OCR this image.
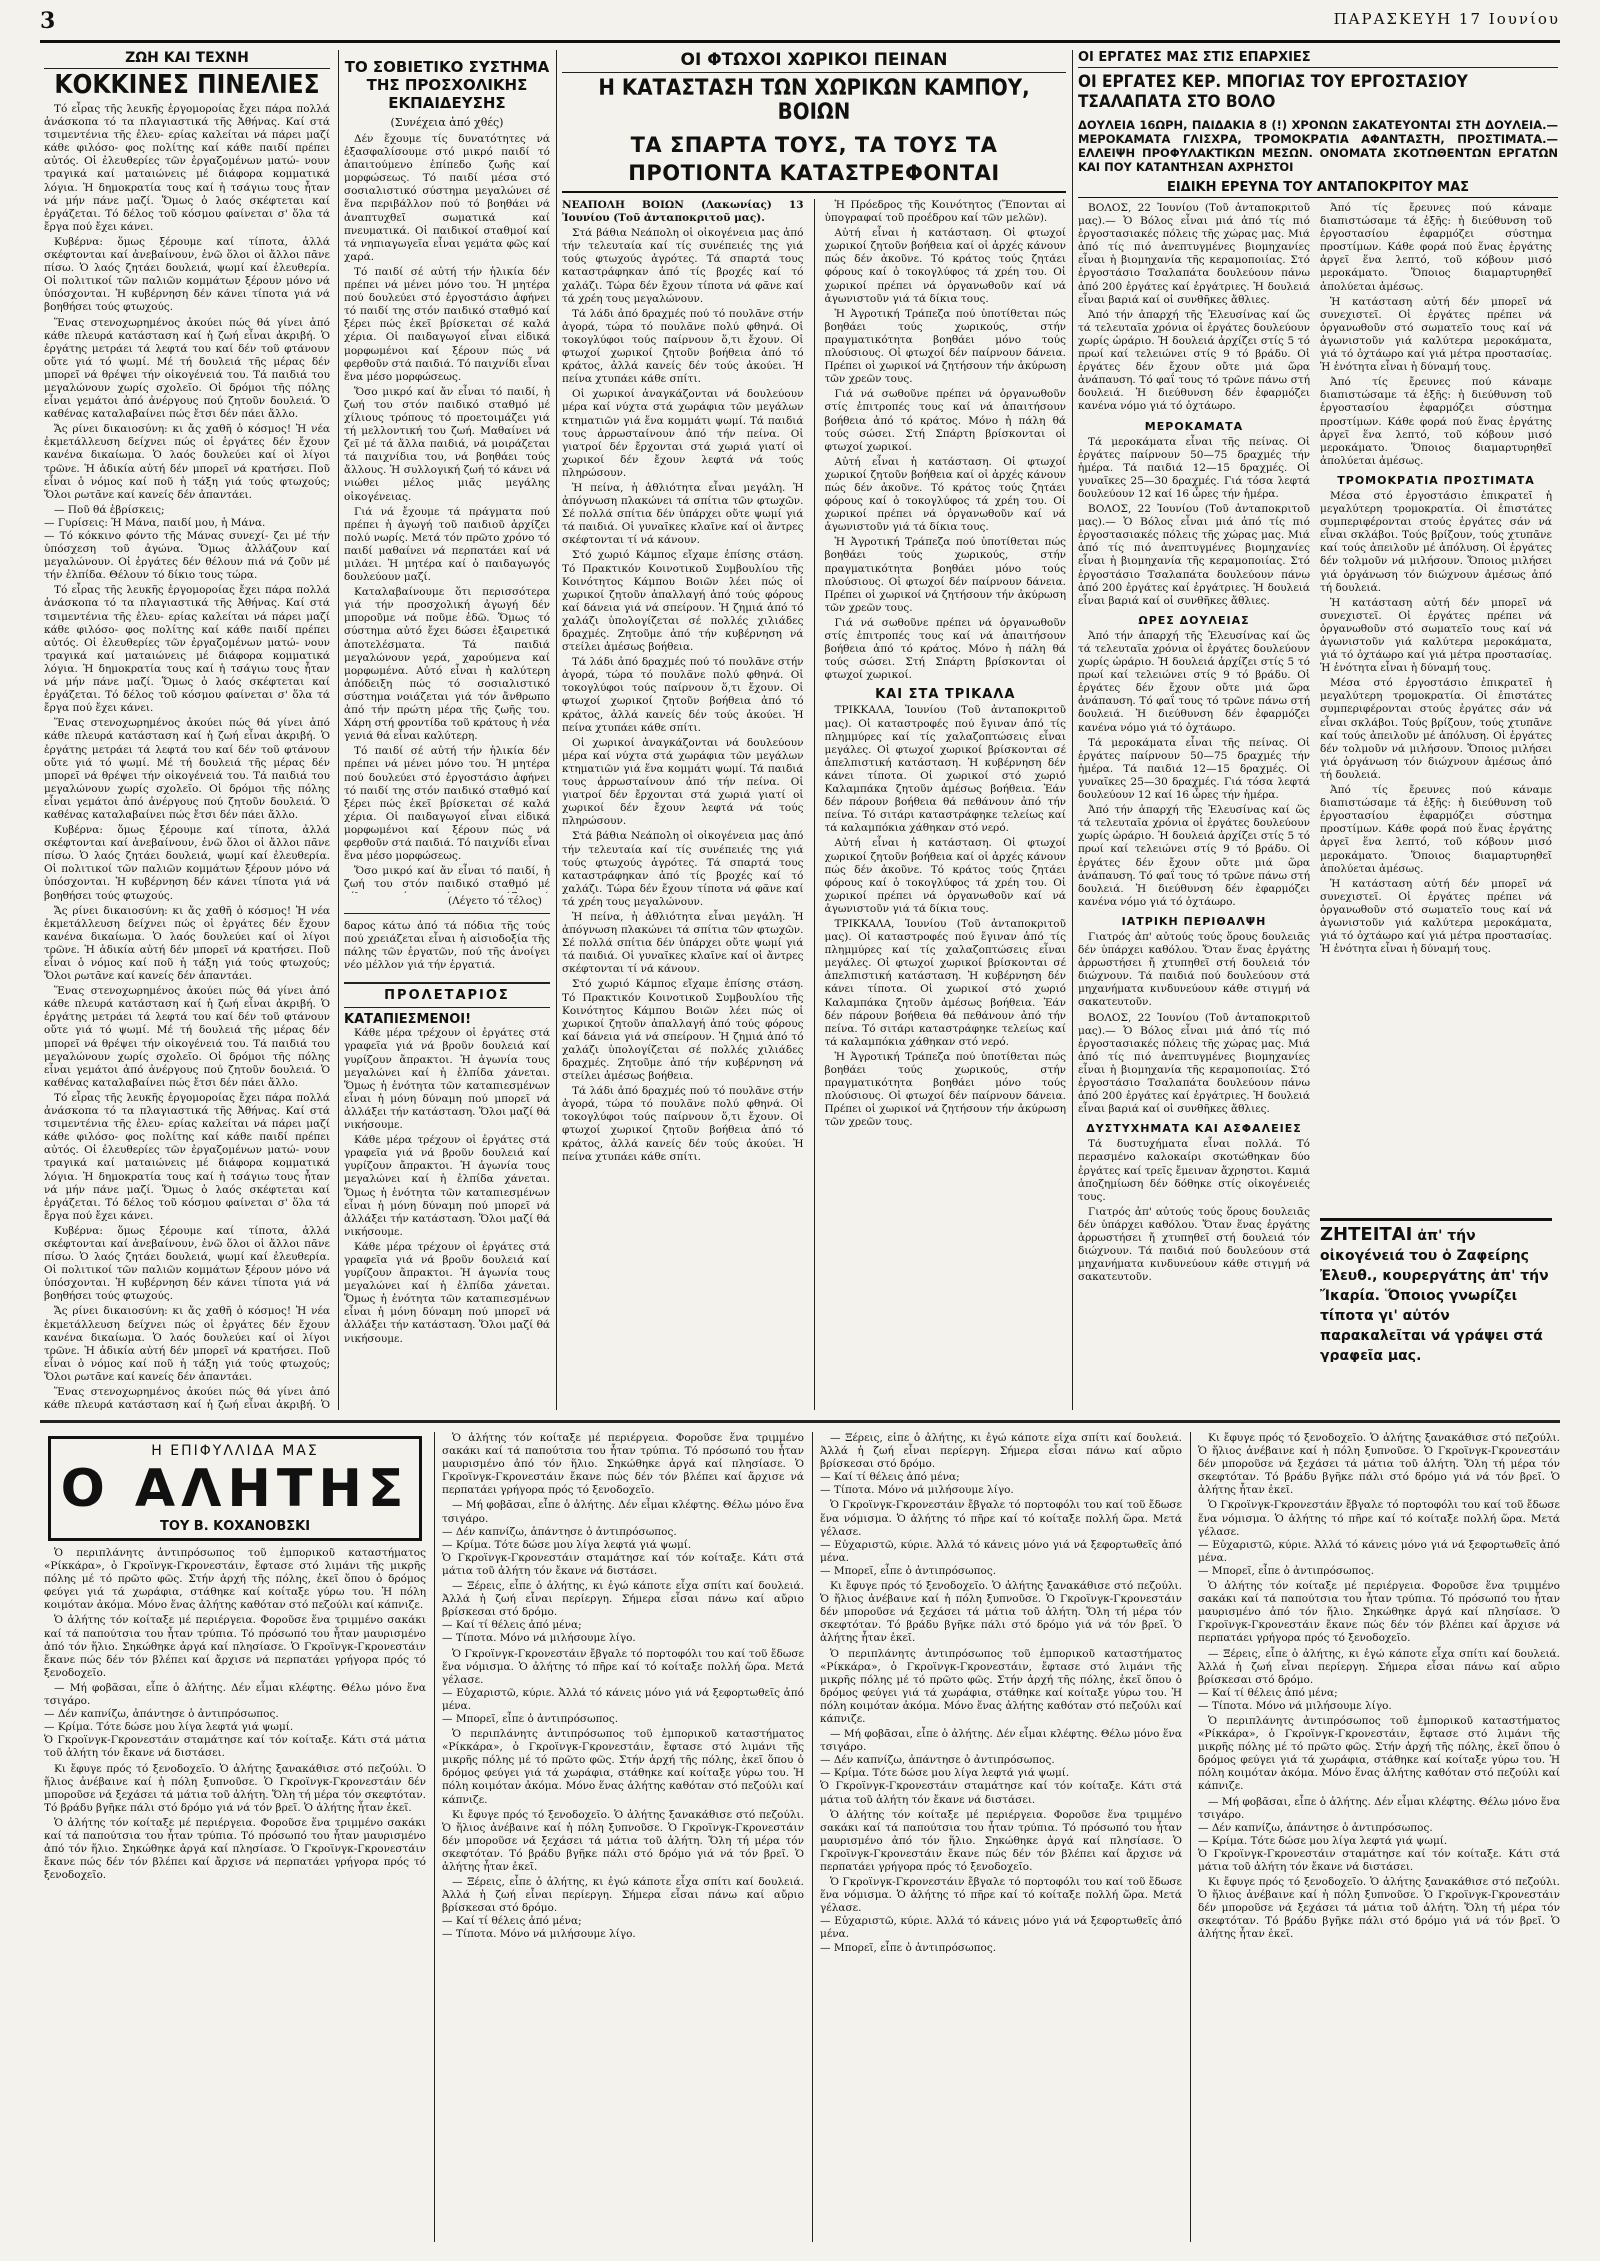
3	ΠΑΡΑΣΚΕΥΗ 17 Ιουνίου
ΖΩΗ ΚΑΙ ΤΕΧΝΗ
ΚΟΚΚΙΝΕΣ ΠΙΝΕΛΙΕΣ

Τό εἶρας τῆς λευκῆς ἐργομοροίας ἔχει πάρα πολλά ἀνάσκοπα τό τα πλαγιαστικά τῆς Ἀθήνας. Καί στά τσιμεντένια τῆς ἐλευ- ερίας καλείται νά πάρει μαζί κάθε φιλόσο- φος πολίτης καί κάθε παιδί πρέπει αὐτός. Οἱ ἐλευθερίες τῶν ἐργαζομένων ματώ- νουν τραγικά καί ματαιώνεις μέ διάφορα κομματικά λόγια. Ἡ δημοκρατία τους καί ἡ τσάγιω τους ἦταν νά μήν πάνε μαζί. Ὅμως ὁ λαός σκέφτεται καί ἐργάζεται. Τό δέλος τοῦ κόσμου φαίνεται σ' ὅλα τά ἔργα πού ἔχει κάνει.

Κυβέρνα: ὅμως ξέρουμε καί τίποτα, ἀλλά σκέφτονται καί ἀνεβαίνουν, ἐνῶ ὅλοι οἱ ἄλλοι πᾶνε πίσω. Ὁ λαός ζητάει δουλειά, ψωμί καί ἐλευθερία. Οἱ πολιτικοί τῶν παλιῶν κομμάτων ξέρουν μόνο νά ὑπόσχονται. Ἡ κυβέρνηση δέν κάνει τίποτα γιά νά βοηθήσει τούς φτωχούς.

Ἕνας στενοχωρημένος ἀκούει πώς θά γίνει ἀπό κάθε πλευρά κατάσταση καί ἡ ζωή εἶναι ἀκριβή. Ὁ ἐργάτης μετράει τά λεφτά του καί δέν τοῦ φτάνουν οὔτε γιά τό ψωμί. Μέ τή δουλειά τῆς μέρας δέν μπορεῖ νά θρέψει τήν οἰκογένειά του. Τά παιδιά του μεγαλώνουν χωρίς σχολεῖο. Οἱ δρόμοι τῆς πόλης εἶναι γεμάτοι ἀπό ἀνέργους πού ζητοῦν δουλειά. Ὁ καθένας καταλαβαίνει πώς ἔτσι δέν πάει ἄλλο.

Ἄς ρίνει δικαιοσύνη: κι ἄς χαθῆ ὁ κόσμος! Ἡ νέα ἐκμετάλλευση δείχνει πώς οἱ ἐργάτες δέν ἔχουν κανένα δικαίωμα. Ὁ λαός δουλεύει καί οἱ λίγοι τρῶνε. Ἡ ἀδικία αὐτή δέν μπορεῖ νά κρατήσει. Ποῦ εἶναι ὁ νόμος καί ποῦ ἡ τάξη γιά τούς φτωχούς; Ὅλοι ρωτᾶνε καί κανείς δέν ἀπαντάει.

— Ποῦ θά ἐβρίσκεις;
— Γυρίσεις: Ἡ Μάνα, παιδί μου, ἡ Μάνα.
— Τό κόκκινο φόντο τῆς Μάνας συνεχί- ζει μέ τήν ὑπόσχεση τοῦ ἀγώνα. Ὅμως ἀλλάζουν καί μεγαλώνουν. Οἱ ἐργάτες δέν θέλουν πιά νά ζοῦν μέ τήν ἐλπίδα. Θέλουν τό δίκιο τους τώρα.

Τό εἶρας τῆς λευκῆς ἐργομοροίας ἔχει πάρα πολλά ἀνάσκοπα τό τα πλαγιαστικά τῆς Ἀθήνας. Καί στά τσιμεντένια τῆς ἐλευ- ερίας καλείται νά πάρει μαζί κάθε φιλόσο- φος πολίτης καί κάθε παιδί πρέπει αὐτός. Οἱ ἐλευθερίες τῶν ἐργαζομένων ματώ- νουν τραγικά καί ματαιώνεις μέ διάφορα κομματικά λόγια. Ἡ δημοκρατία τους καί ἡ τσάγιω τους ἦταν νά μήν πάνε μαζί. Ὅμως ὁ λαός σκέφτεται καί ἐργάζεται. Τό δέλος τοῦ κόσμου φαίνεται σ' ὅλα τά ἔργα πού ἔχει κάνει.

Ἕνας στενοχωρημένος ἀκούει πώς θά γίνει ἀπό κάθε πλευρά κατάσταση καί ἡ ζωή εἶναι ἀκριβή. Ὁ ἐργάτης μετράει τά λεφτά του καί δέν τοῦ φτάνουν οὔτε γιά τό ψωμί. Μέ τή δουλειά τῆς μέρας δέν μπορεῖ νά θρέψει τήν οἰκογένειά του. Τά παιδιά του μεγαλώνουν χωρίς σχολεῖο. Οἱ δρόμοι τῆς πόλης εἶναι γεμάτοι ἀπό ἀνέργους πού ζητοῦν δουλειά. Ὁ καθένας καταλαβαίνει πώς ἔτσι δέν πάει ἄλλο.

Κυβέρνα: ὅμως ξέρουμε καί τίποτα, ἀλλά σκέφτονται καί ἀνεβαίνουν, ἐνῶ ὅλοι οἱ ἄλλοι πᾶνε πίσω. Ὁ λαός ζητάει δουλειά, ψωμί καί ἐλευθερία. Οἱ πολιτικοί τῶν παλιῶν κομμάτων ξέρουν μόνο νά ὑπόσχονται. Ἡ κυβέρνηση δέν κάνει τίποτα γιά νά βοηθήσει τούς φτωχούς.

Ἄς ρίνει δικαιοσύνη: κι ἄς χαθῆ ὁ κόσμος! Ἡ νέα ἐκμετάλλευση δείχνει πώς οἱ ἐργάτες δέν ἔχουν κανένα δικαίωμα. Ὁ λαός δουλεύει καί οἱ λίγοι τρῶνε. Ἡ ἀδικία αὐτή δέν μπορεῖ νά κρατήσει. Ποῦ εἶναι ὁ νόμος καί ποῦ ἡ τάξη γιά τούς φτωχούς; Ὅλοι ρωτᾶνε καί κανείς δέν ἀπαντάει.

Ἕνας στενοχωρημένος ἀκούει πώς θά γίνει ἀπό κάθε πλευρά κατάσταση καί ἡ ζωή εἶναι ἀκριβή. Ὁ ἐργάτης μετράει τά λεφτά του καί δέν τοῦ φτάνουν οὔτε γιά τό ψωμί. Μέ τή δουλειά τῆς μέρας δέν μπορεῖ νά θρέψει τήν οἰκογένειά του. Τά παιδιά του μεγαλώνουν χωρίς σχολεῖο. Οἱ δρόμοι τῆς πόλης εἶναι γεμάτοι ἀπό ἀνέργους πού ζητοῦν δουλειά. Ὁ καθένας καταλαβαίνει πώς ἔτσι δέν πάει ἄλλο.

Τό εἶρας τῆς λευκῆς ἐργομοροίας ἔχει πάρα πολλά ἀνάσκοπα τό τα πλαγιαστικά τῆς Ἀθήνας. Καί στά τσιμεντένια τῆς ἐλευ- ερίας καλείται νά πάρει μαζί κάθε φιλόσο- φος πολίτης καί κάθε παιδί πρέπει αὐτός. Οἱ ἐλευθερίες τῶν ἐργαζομένων ματώ- νουν τραγικά καί ματαιώνεις μέ διάφορα κομματικά λόγια. Ἡ δημοκρατία τους καί ἡ τσάγιω τους ἦταν νά μήν πάνε μαζί. Ὅμως ὁ λαός σκέφτεται καί ἐργάζεται. Τό δέλος τοῦ κόσμου φαίνεται σ' ὅλα τά ἔργα πού ἔχει κάνει.

Κυβέρνα: ὅμως ξέρουμε καί τίποτα, ἀλλά σκέφτονται καί ἀνεβαίνουν, ἐνῶ ὅλοι οἱ ἄλλοι πᾶνε πίσω. Ὁ λαός ζητάει δουλειά, ψωμί καί ἐλευθερία. Οἱ πολιτικοί τῶν παλιῶν κομμάτων ξέρουν μόνο νά ὑπόσχονται. Ἡ κυβέρνηση δέν κάνει τίποτα γιά νά βοηθήσει τούς φτωχούς.

Ἄς ρίνει δικαιοσύνη: κι ἄς χαθῆ ὁ κόσμος! Ἡ νέα ἐκμετάλλευση δείχνει πώς οἱ ἐργάτες δέν ἔχουν κανένα δικαίωμα. Ὁ λαός δουλεύει καί οἱ λίγοι τρῶνε. Ἡ ἀδικία αὐτή δέν μπορεῖ νά κρατήσει. Ποῦ εἶναι ὁ νόμος καί ποῦ ἡ τάξη γιά τούς φτωχούς; Ὅλοι ρωτᾶνε καί κανείς δέν ἀπαντάει.

Ἕνας στενοχωρημένος ἀκούει πώς θά γίνει ἀπό κάθε πλευρά κατάσταση καί ἡ ζωή εἶναι ἀκριβή. Ὁ

ΤΟ ΣΟΒΙΕΤΙΚΟ ΣΥΣΤΗΜΑ ΤΗΣ ΠΡΟΣΧΟΛΙΚΗΣ ΕΚΠΑΙΔΕΥΣΗΣ
(Συνέχεια ἀπό χθές)

Δέν ἔχουμε τίς δυνατότητες νά ἐξασφαλίσουμε στό μικρό παιδί τό ἀπαιτούμενο ἐπίπεδο ζωῆς καί μορφώσεως. Τό παιδί μέσα στό σοσιαλιστικό σύστημα μεγαλώνει σέ ἕνα περιβάλλον πού τό βοηθάει νά ἀναπτυχθεῖ σωματικά καί πνευματικά. Οἱ παιδικοί σταθμοί καί τά νηπιαγωγεῖα εἶναι γεμάτα φῶς καί χαρά.

Τό παιδί σέ αὐτή τήν ἡλικία δέν πρέπει νά μένει μόνο του. Ἡ μητέρα πού δουλεύει στό ἐργοστάσιο ἀφήνει τό παιδί της στόν παιδικό σταθμό καί ξέρει πώς ἐκεῖ βρίσκεται σέ καλά χέρια. Οἱ παιδαγωγοί εἶναι εἰδικά μορφωμένοι καί ξέρουν πώς νά φερθοῦν στά παιδιά. Τό παιχνίδι εἶναι ἕνα μέσο μορφώσεως.

Ὅσο μικρό καί ἄν εἶναι τό παιδί, ἡ ζωή του στόν παιδικό σταθμό μέ χίλιους τρόπους τό προετοιμάζει γιά τή μελλοντική του ζωή. Μαθαίνει νά ζεῖ μέ τά ἄλλα παιδιά, νά μοιράζεται τά παιχνίδια του, νά βοηθάει τούς ἄλλους. Ἡ συλλογική ζωή τό κάνει νά νιώθει μέλος μιᾶς μεγάλης οἰκογένειας.

Γιά νά ἔχουμε τά πράγματα πού πρέπει ἡ ἀγωγή τοῦ παιδιοῦ ἀρχίζει πολύ νωρίς. Μετά τόν πρῶτο χρόνο τό παιδί μαθαίνει νά περπατάει καί νά μιλάει. Ἡ μητέρα καί ὁ παιδαγωγός δουλεύουν μαζί.

Καταλαβαίνουμε ὅτι περισσότερα γιά τήν προσχολική ἀγωγή δέν μποροῦμε νά ποῦμε ἐδῶ. Ὅμως τό σύστημα αὐτό ἔχει δώσει ἐξαιρετικά ἀποτελέσματα. Τά παιδιά μεγαλώνουν γερά, χαρούμενα καί μορφωμένα. Αὐτό εἶναι ἡ καλύτερη ἀπόδειξη πώς τό σοσιαλιστικό σύστημα νοιάζεται γιά τόν ἄνθρωπο ἀπό τήν πρώτη μέρα τῆς ζωῆς του. Χάρη στή φροντίδα τοῦ κράτους ἡ νέα γενιά θά εἶναι καλύτερη.

Τό παιδί σέ αὐτή τήν ἡλικία δέν πρέπει νά μένει μόνο του. Ἡ μητέρα πού δουλεύει στό ἐργοστάσιο ἀφήνει τό παιδί της στόν παιδικό σταθμό καί ξέρει πώς ἐκεῖ βρίσκεται σέ καλά χέρια. Οἱ παιδαγωγοί εἶναι εἰδικά μορφωμένοι καί ξέρουν πώς νά φερθοῦν στά παιδιά. Τό παιχνίδι εἶναι ἕνα μέσο μορφώσεως.

Ὅσο μικρό καί ἄν εἶναι τό παιδί, ἡ ζωή του στόν παιδικό σταθμό μέ

(Λέγετο τό τέλος)
δαρος κάτω ἀπό τά πόδια τῆς τούς πού χρειάζεται εἶναι ἡ αἰσιοδοξία τῆς πάλης τῶν ἐργατῶν, πού τῆς ἀνοίγει νέο μέλλον γιά τήν ἐργατιά.
ΠΡΟΛΕΤΑΡΙΟΣ
ΚΑΤΑΠΙΕΣΜΕΝΟΙ!

Κάθε μέρα τρέχουν οἱ ἐργάτες στά γραφεῖα γιά νά βροῦν δουλειά καί γυρίζουν ἄπρακτοι. Ἡ ἀγωνία τους μεγαλώνει καί ἡ ἐλπίδα χάνεται. Ὅμως ἡ ἑνότητα τῶν καταπιεσμένων εἶναι ἡ μόνη δύναμη πού μπορεῖ νά ἀλλάξει τήν κατάσταση. Ὅλοι μαζί θά νικήσουμε.

Κάθε μέρα τρέχουν οἱ ἐργάτες στά γραφεῖα γιά νά βροῦν δουλειά καί γυρίζουν ἄπρακτοι. Ἡ ἀγωνία τους μεγαλώνει καί ἡ ἐλπίδα χάνεται. Ὅμως ἡ ἑνότητα τῶν καταπιεσμένων εἶναι ἡ μόνη δύναμη πού μπορεῖ νά ἀλλάξει τήν κατάσταση. Ὅλοι μαζί θά νικήσουμε.

Κάθε μέρα τρέχουν οἱ ἐργάτες στά γραφεῖα γιά νά βροῦν δουλειά καί γυρίζουν ἄπρακτοι. Ἡ ἀγωνία τους μεγαλώνει καί ἡ ἐλπίδα χάνεται. Ὅμως ἡ ἑνότητα τῶν καταπιεσμένων εἶναι ἡ μόνη δύναμη πού μπορεῖ νά ἀλλάξει τήν κατάσταση. Ὅλοι μαζί θά νικήσουμε.

ΟΙ ΦΤΩΧΟΙ ΧΩΡΙΚΟΙ ΠΕΙΝΑΝ
Η ΚΑΤΑΣΤΑΣΗ ΤΩΝ ΧΩΡΙΚΩΝ ΚΑΜΠΟΥ, ΒΟΙΩΝ
ΤΑ ΣΠΑΡΤΑ ΤΟΥΣ, ΤΑ ΤΟΥΣ ΤΑ ΠΡΟΤΙΟΝΤΑ ΚΑΤΑΣΤΡΕΦΟΝΤΑΙ

ΝΕΑΠΟΛΗ ΒΟΙΩΝ (Λακωνίας) 13 Ἰουνίου (Τοῦ ἀνταποκριτοῦ μας).

Στά βάθια Νεάπολη οἱ οἰκογένεια μας ἀπό τήν τελευταία καί τίς συνέπειές της γιά τούς φτωχούς ἀγρότες. Τά σπαρτά τους καταστράφηκαν ἀπό τίς βροχές καί τό χαλάζι. Τώρα δέν ἔχουν τίποτα νά φᾶνε καί τά χρέη τους μεγαλώνουν.

Τά λάδι ἀπό δραχμές πού τό πουλᾶνε στήν ἀγορά, τώρα τό πουλᾶνε πολύ φθηνά. Οἱ τοκογλύφοι τούς παίρνουν ὅ,τι ἔχουν. Οἱ φτωχοί χωρικοί ζητοῦν βοήθεια ἀπό τό κράτος, ἀλλά κανείς δέν τούς ἀκούει. Ἡ πείνα χτυπάει κάθε σπίτι.

Οἱ χωρικοί ἀναγκάζονται νά δουλεύουν μέρα καί νύχτα στά χωράφια τῶν μεγάλων κτηματιῶν γιά ἕνα κομμάτι ψωμί. Τά παιδιά τους ἀρρωσταίνουν ἀπό τήν πείνα. Οἱ γιατροί δέν ἔρχονται στά χωριά γιατί οἱ χωρικοί δέν ἔχουν λεφτά νά τούς πληρώσουν.

Ἡ πείνα, ἡ ἀθλιότητα εἶναι μεγάλη. Ἡ ἀπόγνωση πλακώνει τά σπίτια τῶν φτωχῶν. Σέ πολλά σπίτια δέν ὑπάρχει οὔτε ψωμί γιά τά παιδιά. Οἱ γυναῖκες κλαῖνε καί οἱ ἄντρες σκέφτονται τί νά κάνουν.

Στό χωριό Κάμπος εἴχαμε ἐπίσης στάση. Τό Πρακτικόν Κοινοτικοῦ Συμβουλίου τῆς Κοινότητος Κάμπου Βοιῶν λέει πώς οἱ χωρικοί ζητοῦν ἀπαλλαγή ἀπό τούς φόρους καί δάνεια γιά νά σπείρουν. Ἡ ζημιά ἀπό τό χαλάζι ὑπολογίζεται σέ πολλές χιλιάδες δραχμές. Ζητοῦμε ἀπό τήν κυβέρνηση νά στείλει ἀμέσως βοήθεια.

Τά λάδι ἀπό δραχμές πού τό πουλᾶνε στήν ἀγορά, τώρα τό πουλᾶνε πολύ φθηνά. Οἱ τοκογλύφοι τούς παίρνουν ὅ,τι ἔχουν. Οἱ φτωχοί χωρικοί ζητοῦν βοήθεια ἀπό τό κράτος, ἀλλά κανείς δέν τούς ἀκούει. Ἡ πείνα χτυπάει κάθε σπίτι.

Οἱ χωρικοί ἀναγκάζονται νά δουλεύουν μέρα καί νύχτα στά χωράφια τῶν μεγάλων κτηματιῶν γιά ἕνα κομμάτι ψωμί. Τά παιδιά τους ἀρρωσταίνουν ἀπό τήν πείνα. Οἱ γιατροί δέν ἔρχονται στά χωριά γιατί οἱ χωρικοί δέν ἔχουν λεφτά νά τούς πληρώσουν.

Στά βάθια Νεάπολη οἱ οἰκογένεια μας ἀπό τήν τελευταία καί τίς συνέπειές της γιά τούς φτωχούς ἀγρότες. Τά σπαρτά τους καταστράφηκαν ἀπό τίς βροχές καί τό χαλάζι. Τώρα δέν ἔχουν τίποτα νά φᾶνε καί τά χρέη τους μεγαλώνουν.

Ἡ πείνα, ἡ ἀθλιότητα εἶναι μεγάλη. Ἡ ἀπόγνωση πλακώνει τά σπίτια τῶν φτωχῶν. Σέ πολλά σπίτια δέν ὑπάρχει οὔτε ψωμί γιά τά παιδιά. Οἱ γυναῖκες κλαῖνε καί οἱ ἄντρες σκέφτονται τί νά κάνουν.

Στό χωριό Κάμπος εἴχαμε ἐπίσης στάση. Τό Πρακτικόν Κοινοτικοῦ Συμβουλίου τῆς Κοινότητος Κάμπου Βοιῶν λέει πώς οἱ χωρικοί ζητοῦν ἀπαλλαγή ἀπό τούς φόρους καί δάνεια γιά νά σπείρουν. Ἡ ζημιά ἀπό τό χαλάζι ὑπολογίζεται σέ πολλές χιλιάδες δραχμές. Ζητοῦμε ἀπό τήν κυβέρνηση νά στείλει ἀμέσως βοήθεια.

Τά λάδι ἀπό δραχμές πού τό πουλᾶνε στήν ἀγορά, τώρα τό πουλᾶνε πολύ φθηνά. Οἱ τοκογλύφοι τούς παίρνουν ὅ,τι ἔχουν. Οἱ φτωχοί χωρικοί ζητοῦν βοήθεια ἀπό τό κράτος, ἀλλά κανείς δέν τούς ἀκούει. Ἡ πείνα χτυπάει κάθε σπίτι.

Ἡ Πρόεδρος τῆς Κοινότητος (Ἔπονται αἱ ὑπογραφαί τοῦ προέδρου καί τῶν μελῶν).

Αὐτή εἶναι ἡ κατάσταση. Οἱ φτωχοί χωρικοί ζητοῦν βοήθεια καί οἱ ἀρχές κάνουν πώς δέν ἀκοῦνε. Τό κράτος τούς ζητάει φόρους καί ὁ τοκογλύφος τά χρέη του. Οἱ χωρικοί πρέπει νά ὀργανωθοῦν καί νά ἀγωνιστοῦν γιά τά δίκια τους.

Ἡ Ἀγροτική Τράπεζα πού ὑποτίθεται πώς βοηθάει τούς χωρικούς, στήν πραγματικότητα βοηθάει μόνο τούς πλούσιους. Οἱ φτωχοί δέν παίρνουν δάνεια. Πρέπει οἱ χωρικοί νά ζητήσουν τήν ἀκύρωση τῶν χρεῶν τους.

Γιά νά σωθοῦνε πρέπει νά ὀργανωθοῦν στίς ἐπιτροπές τους καί νά ἀπαιτήσουν βοήθεια ἀπό τό κράτος. Μόνο ἡ πάλη θά τούς σώσει. Στή Σπάρτη βρίσκονται οἱ φτωχοί χωρικοί.

Αὐτή εἶναι ἡ κατάσταση. Οἱ φτωχοί χωρικοί ζητοῦν βοήθεια καί οἱ ἀρχές κάνουν πώς δέν ἀκοῦνε. Τό κράτος τούς ζητάει φόρους καί ὁ τοκογλύφος τά χρέη του. Οἱ χωρικοί πρέπει νά ὀργανωθοῦν καί νά ἀγωνιστοῦν γιά τά δίκια τους.

Ἡ Ἀγροτική Τράπεζα πού ὑποτίθεται πώς βοηθάει τούς χωρικούς, στήν πραγματικότητα βοηθάει μόνο τούς πλούσιους. Οἱ φτωχοί δέν παίρνουν δάνεια. Πρέπει οἱ χωρικοί νά ζητήσουν τήν ἀκύρωση τῶν χρεῶν τους.

Γιά νά σωθοῦνε πρέπει νά ὀργανωθοῦν στίς ἐπιτροπές τους καί νά ἀπαιτήσουν βοήθεια ἀπό τό κράτος. Μόνο ἡ πάλη θά τούς σώσει. Στή Σπάρτη βρίσκονται οἱ φτωχοί χωρικοί.

ΚΑΙ ΣΤΑ ΤΡΙΚΑΛΑ

ΤΡΙΚΚΑΛΑ, Ἰουνίου (Τοῦ ἀνταποκριτοῦ μας). Οἱ καταστροφές πού ἔγιναν ἀπό τίς πλημμύρες καί τίς χαλαζοπτώσεις εἶναι μεγάλες. Οἱ φτωχοί χωρικοί βρίσκονται σέ ἀπελπιστική κατάσταση. Ἡ κυβέρνηση δέν κάνει τίποτα. Οἱ χωρικοί στό χωριό Καλαμπάκα ζητοῦν ἀμέσως βοήθεια. Ἐάν δέν πάρουν βοήθεια θά πεθάνουν ἀπό τήν πείνα. Τό σιτάρι καταστράφηκε τελείως καί τά καλαμπόκια χάθηκαν στό νερό.

Αὐτή εἶναι ἡ κατάσταση. Οἱ φτωχοί χωρικοί ζητοῦν βοήθεια καί οἱ ἀρχές κάνουν πώς δέν ἀκοῦνε. Τό κράτος τούς ζητάει φόρους καί ὁ τοκογλύφος τά χρέη του. Οἱ χωρικοί πρέπει νά ὀργανωθοῦν καί νά ἀγωνιστοῦν γιά τά δίκια τους.

ΤΡΙΚΚΑΛΑ, Ἰουνίου (Τοῦ ἀνταποκριτοῦ μας). Οἱ καταστροφές πού ἔγιναν ἀπό τίς πλημμύρες καί τίς χαλαζοπτώσεις εἶναι μεγάλες. Οἱ φτωχοί χωρικοί βρίσκονται σέ ἀπελπιστική κατάσταση. Ἡ κυβέρνηση δέν κάνει τίποτα. Οἱ χωρικοί στό χωριό Καλαμπάκα ζητοῦν ἀμέσως βοήθεια. Ἐάν δέν πάρουν βοήθεια θά πεθάνουν ἀπό τήν πείνα. Τό σιτάρι καταστράφηκε τελείως καί τά καλαμπόκια χάθηκαν στό νερό.

Ἡ Ἀγροτική Τράπεζα πού ὑποτίθεται πώς βοηθάει τούς χωρικούς, στήν πραγματικότητα βοηθάει μόνο τούς πλούσιους. Οἱ φτωχοί δέν παίρνουν δάνεια. Πρέπει οἱ χωρικοί νά ζητήσουν τήν ἀκύρωση τῶν χρεῶν τους.

ΟΙ ΕΡΓΑΤΕΣ ΜΑΣ ΣΤΙΣ ΕΠΑΡΧΙΕΣ
ΟΙ ΕΡΓΑΤΕΣ ΚΕΡ. ΜΠΟΓΙΑΣ ΤΟΥ ΕΡΓΟΣΤΑΣΙΟΥ ΤΣΑΛΑΠΑΤΑ ΣΤΟ ΒΟΛΟ
ΔΟΥΛΕΙΑ 16ΩΡΗ, ΠΑΙΔΑΚΙΑ 8 (!) ΧΡΟΝΩΝ ΣΑΚΑΤΕΥΟΝΤΑΙ ΣΤΗ ΔΟΥΛΕΙΑ.— ΜΕΡΟΚΑΜΑΤΑ ΓΛΙΣΧΡΑ, ΤΡΟΜΟΚΡΑΤΙΑ ΑΦΑΝΤΑΣΤΗ, ΠΡΟΣΤΙΜΑΤΑ.— ΕΛΛΕΙΨΗ ΠΡΟΦΥΛΑΚΤΙΚΩΝ ΜΕΣΩΝ. ΟΝΟΜΑΤΑ ΣΚΟΤΩΘΕΝΤΩΝ ΕΡΓΑΤΩΝ ΚΑΙ ΠΟΥ ΚΑΤΑΝΤΗΣΑΝ ΑΧΡΗΣΤΟΙ
ΕΙΔΙΚΗ ΕΡΕΥΝΑ ΤΟΥ ΑΝΤΑΠΟΚΡΙΤΟΥ ΜΑΣ

ΒΟΛΟΣ, 22 Ἰουνίου (Τοῦ ἀνταποκριτοῦ μας).— Ὁ Βόλος εἶναι μιά ἀπό τίς πιό ἐργοστασιακές πόλεις τῆς χώρας μας. Μιά ἀπό τίς πιό ἀνεπτυγμένες βιομηχανίες εἶναι ἡ βιομηχανία τῆς κεραμοποιίας. Στό ἐργοστάσιο Τσαλαπάτα δουλεύουν πάνω ἀπό 200 ἐργάτες καί ἐργάτριες. Ἡ δουλειά εἶναι βαριά καί οἱ συνθῆκες ἄθλιες.

Ἀπό τήν ἀπαρχή τῆς Ἐλευσίνας καί ὥς τά τελευταῖα χρόνια οἱ ἐργάτες δουλεύουν χωρίς ὡράριο. Ἡ δουλειά ἀρχίζει στίς 5 τό πρωί καί τελειώνει στίς 9 τό βράδυ. Οἱ ἐργάτες δέν ἔχουν οὔτε μιά ὥρα ἀνάπαυση. Τό φαΐ τους τό τρῶνε πάνω στή δουλειά. Ἡ διεύθυνση δέν ἐφαρμόζει κανένα νόμο γιά τό ὀχτάωρο.

ΜΕΡΟΚΑΜΑΤΑ

Τά μεροκάματα εἶναι τῆς πείνας. Οἱ ἐργάτες παίρνουν 50—75 δραχμές τήν ἡμέρα. Τά παιδιά 12—15 δραχμές. Οἱ γυναῖκες 25—30 δραχμές. Γιά τόσα λεφτά δουλεύουν 12 καί 16 ὧρες τήν ἡμέρα.

ΒΟΛΟΣ, 22 Ἰουνίου (Τοῦ ἀνταποκριτοῦ μας).— Ὁ Βόλος εἶναι μιά ἀπό τίς πιό ἐργοστασιακές πόλεις τῆς χώρας μας. Μιά ἀπό τίς πιό ἀνεπτυγμένες βιομηχανίες εἶναι ἡ βιομηχανία τῆς κεραμοποιίας. Στό ἐργοστάσιο Τσαλαπάτα δουλεύουν πάνω ἀπό 200 ἐργάτες καί ἐργάτριες. Ἡ δουλειά εἶναι βαριά καί οἱ συνθῆκες ἄθλιες.

ΩΡΕΣ ΔΟΥΛΕΙΑΣ

Ἀπό τήν ἀπαρχή τῆς Ἐλευσίνας καί ὥς τά τελευταῖα χρόνια οἱ ἐργάτες δουλεύουν χωρίς ὡράριο. Ἡ δουλειά ἀρχίζει στίς 5 τό πρωί καί τελειώνει στίς 9 τό βράδυ. Οἱ ἐργάτες δέν ἔχουν οὔτε μιά ὥρα ἀνάπαυση. Τό φαΐ τους τό τρῶνε πάνω στή δουλειά. Ἡ διεύθυνση δέν ἐφαρμόζει κανένα νόμο γιά τό ὀχτάωρο.

Τά μεροκάματα εἶναι τῆς πείνας. Οἱ ἐργάτες παίρνουν 50—75 δραχμές τήν ἡμέρα. Τά παιδιά 12—15 δραχμές. Οἱ γυναῖκες 25—30 δραχμές. Γιά τόσα λεφτά δουλεύουν 12 καί 16 ὧρες τήν ἡμέρα.

Ἀπό τήν ἀπαρχή τῆς Ἐλευσίνας καί ὥς τά τελευταῖα χρόνια οἱ ἐργάτες δουλεύουν χωρίς ὡράριο. Ἡ δουλειά ἀρχίζει στίς 5 τό πρωί καί τελειώνει στίς 9 τό βράδυ. Οἱ ἐργάτες δέν ἔχουν οὔτε μιά ὥρα ἀνάπαυση. Τό φαΐ τους τό τρῶνε πάνω στή δουλειά. Ἡ διεύθυνση δέν ἐφαρμόζει κανένα νόμο γιά τό ὀχτάωρο.

ΙΑΤΡΙΚΗ ΠΕΡΙΘΑΛΨΗ

Γιατρός ἀπ' αὐτούς τούς ὅρους δουλειᾶς δέν ὑπάρχει καθόλου. Ὅταν ἕνας ἐργάτης ἀρρωστήσει ἤ χτυπηθεῖ στή δουλειά τόν διώχνουν. Τά παιδιά πού δουλεύουν στά μηχανήματα κινδυνεύουν κάθε στιγμή νά σακατευτοῦν.

ΒΟΛΟΣ, 22 Ἰουνίου (Τοῦ ἀνταποκριτοῦ μας).— Ὁ Βόλος εἶναι μιά ἀπό τίς πιό ἐργοστασιακές πόλεις τῆς χώρας μας. Μιά ἀπό τίς πιό ἀνεπτυγμένες βιομηχανίες εἶναι ἡ βιομηχανία τῆς κεραμοποιίας. Στό ἐργοστάσιο Τσαλαπάτα δουλεύουν πάνω ἀπό 200 ἐργάτες καί ἐργάτριες. Ἡ δουλειά εἶναι βαριά καί οἱ συνθῆκες ἄθλιες.

ΔΥΣΤΥΧΗΜΑΤΑ ΚΑΙ ΑΣΦΑΛΕΙΕΣ

Τά δυστυχήματα εἶναι πολλά. Τό περασμένο καλοκαίρι σκοτώθηκαν δύο ἐργάτες καί τρεῖς ἔμειναν ἄχρηστοι. Καμιά ἀποζημίωση δέν δόθηκε στίς οἰκογένειές τους.

Γιατρός ἀπ' αὐτούς τούς ὅρους δουλειᾶς δέν ὑπάρχει καθόλου. Ὅταν ἕνας ἐργάτης ἀρρωστήσει ἤ χτυπηθεῖ στή δουλειά τόν διώχνουν. Τά παιδιά πού δουλεύουν στά μηχανήματα κινδυνεύουν κάθε στιγμή νά σακατευτοῦν.

Ἀπό τίς ἔρευνες πού κάναμε διαπιστώσαμε τά ἑξῆς: ἡ διεύθυνση τοῦ ἐργοστασίου ἐφαρμόζει σύστημα προστίμων. Κάθε φορά πού ἕνας ἐργάτης ἀργεῖ ἕνα λεπτό, τοῦ κόβουν μισό μεροκάματο. Ὅποιος διαμαρτυρηθεῖ ἀπολύεται ἀμέσως.

Ἡ κατάσταση αὐτή δέν μπορεῖ νά συνεχιστεῖ. Οἱ ἐργάτες πρέπει νά ὀργανωθοῦν στό σωματεῖο τους καί νά ἀγωνιστοῦν γιά καλύτερα μεροκάματα, γιά τό ὀχτάωρο καί γιά μέτρα προστασίας. Ἡ ἑνότητα εἶναι ἡ δύναμή τους.

Ἀπό τίς ἔρευνες πού κάναμε διαπιστώσαμε τά ἑξῆς: ἡ διεύθυνση τοῦ ἐργοστασίου ἐφαρμόζει σύστημα προστίμων. Κάθε φορά πού ἕνας ἐργάτης ἀργεῖ ἕνα λεπτό, τοῦ κόβουν μισό μεροκάματο. Ὅποιος διαμαρτυρηθεῖ ἀπολύεται ἀμέσως.

ΤΡΟΜΟΚΡΑΤΙΑ ΠΡΟΣΤΙΜΑΤΑ

Μέσα στό ἐργοστάσιο ἐπικρατεῖ ἡ μεγαλύτερη τρομοκρατία. Οἱ ἐπιστάτες συμπεριφέρονται στούς ἐργάτες σάν νά εἶναι σκλάβοι. Τούς βρίζουν, τούς χτυπᾶνε καί τούς ἀπειλοῦν μέ ἀπόλυση. Οἱ ἐργάτες δέν τολμοῦν νά μιλήσουν. Ὅποιος μιλήσει γιά ὀργάνωση τόν διώχνουν ἀμέσως ἀπό τή δουλειά.

Ἡ κατάσταση αὐτή δέν μπορεῖ νά συνεχιστεῖ. Οἱ ἐργάτες πρέπει νά ὀργανωθοῦν στό σωματεῖο τους καί νά ἀγωνιστοῦν γιά καλύτερα μεροκάματα, γιά τό ὀχτάωρο καί γιά μέτρα προστασίας. Ἡ ἑνότητα εἶναι ἡ δύναμή τους.

Μέσα στό ἐργοστάσιο ἐπικρατεῖ ἡ μεγαλύτερη τρομοκρατία. Οἱ ἐπιστάτες συμπεριφέρονται στούς ἐργάτες σάν νά εἶναι σκλάβοι. Τούς βρίζουν, τούς χτυπᾶνε καί τούς ἀπειλοῦν μέ ἀπόλυση. Οἱ ἐργάτες δέν τολμοῦν νά μιλήσουν. Ὅποιος μιλήσει γιά ὀργάνωση τόν διώχνουν ἀμέσως ἀπό τή δουλειά.

Ἀπό τίς ἔρευνες πού κάναμε διαπιστώσαμε τά ἑξῆς: ἡ διεύθυνση τοῦ ἐργοστασίου ἐφαρμόζει σύστημα προστίμων. Κάθε φορά πού ἕνας ἐργάτης ἀργεῖ ἕνα λεπτό, τοῦ κόβουν μισό μεροκάματο. Ὅποιος διαμαρτυρηθεῖ ἀπολύεται ἀμέσως.

Ἡ κατάσταση αὐτή δέν μπορεῖ νά συνεχιστεῖ. Οἱ ἐργάτες πρέπει νά ὀργανωθοῦν στό σωματεῖο τους καί νά ἀγωνιστοῦν γιά καλύτερα μεροκάματα, γιά τό ὀχτάωρο καί γιά μέτρα προστασίας. Ἡ ἑνότητα εἶναι ἡ δύναμή τους.

ΖΗΤΕΙΤΑΙ ἀπ' τήν οἰκογένειά του ὁ Ζαφείρης Ἐλευθ., κουρεργάτης ἀπ' τήν Ἴκαρία. Ὅποιος γνωρίζει τίποτα γι' αὐτόν παρακαλεῖται νά γράψει στά γραφεῖα μας.
Η ΕΠΙΦΥΛΛΙΔΑ ΜΑΣ
Ο ΑΛΗΤΗΣ
ΤΟΥ Β. ΚΟΧΑΝΟΒΣΚΙ

Ὁ περιπλάνητς ἀντιπρόσωπος τοῦ ἐμπορικοῦ καταστήματος «Ρίκκάρα», ὁ Γκροϊνγκ-Γκρονεστάιν, ἔφτασε στό λιμάνι τῆς μικρῆς πόλης μέ τό πρῶτο φῶς. Στήν ἀρχή τῆς πόλης, ἐκεῖ ὅπου ὁ δρόμος φεύγει γιά τά χωράφια, στάθηκε καί κοίταξε γύρω του. Ἡ πόλη κοιμόταν ἀκόμα. Μόνο ἕνας ἀλήτης καθόταν στό πεζούλι καί κάπνιζε.

Ὁ ἀλήτης τόν κοίταξε μέ περιέργεια. Φοροῦσε ἕνα τριμμένο σακάκι καί τά παπούτσια του ἦταν τρύπια. Τό πρόσωπό του ἦταν μαυρισμένο ἀπό τόν ἥλιο. Σηκώθηκε ἀργά καί πλησίασε. Ὁ Γκροϊνγκ-Γκρονεστάιν ἔκανε πώς δέν τόν βλέπει καί ἄρχισε νά περπατάει γρήγορα πρός τό ξενοδοχεῖο.

— Μή φοβᾶσαι, εἶπε ὁ ἀλήτης. Δέν εἶμαι κλέφτης. Θέλω μόνο ἕνα τσιγάρο.
— Δέν καπνίζω, ἀπάντησε ὁ ἀντιπρόσωπος.
— Κρίμα. Τότε δώσε μου λίγα λεφτά γιά ψωμί.
Ὁ Γκροϊνγκ-Γκρονεστάιν σταμάτησε καί τόν κοίταξε. Κάτι στά μάτια τοῦ ἀλήτη τόν ἔκανε νά διστάσει.

Κι ἔφυγε πρός τό ξενοδοχεῖο. Ὁ ἀλήτης ξανακάθισε στό πεζούλι. Ὁ ἥλιος ἀνέβαινε καί ἡ πόλη ξυπνοῦσε. Ὁ Γκροϊνγκ-Γκρονεστάιν δέν μποροῦσε νά ξεχάσει τά μάτια τοῦ ἀλήτη. Ὅλη τή μέρα τόν σκεφτόταν. Τό βράδυ βγῆκε πάλι στό δρόμο γιά νά τόν βρεῖ. Ὁ ἀλήτης ἦταν ἐκεῖ.

Ὁ ἀλήτης τόν κοίταξε μέ περιέργεια. Φοροῦσε ἕνα τριμμένο σακάκι καί τά παπούτσια του ἦταν τρύπια. Τό πρόσωπό του ἦταν μαυρισμένο ἀπό τόν ἥλιο. Σηκώθηκε ἀργά καί πλησίασε. Ὁ Γκροϊνγκ-Γκρονεστάιν ἔκανε πώς δέν τόν βλέπει καί ἄρχισε νά περπατάει γρήγορα πρός τό ξενοδοχεῖο.

Ὁ ἀλήτης τόν κοίταξε μέ περιέργεια. Φοροῦσε ἕνα τριμμένο σακάκι καί τά παπούτσια του ἦταν τρύπια. Τό πρόσωπό του ἦταν μαυρισμένο ἀπό τόν ἥλιο. Σηκώθηκε ἀργά καί πλησίασε. Ὁ Γκροϊνγκ-Γκρονεστάιν ἔκανε πώς δέν τόν βλέπει καί ἄρχισε νά περπατάει γρήγορα πρός τό ξενοδοχεῖο.

— Μή φοβᾶσαι, εἶπε ὁ ἀλήτης. Δέν εἶμαι κλέφτης. Θέλω μόνο ἕνα τσιγάρο.
— Δέν καπνίζω, ἀπάντησε ὁ ἀντιπρόσωπος.
— Κρίμα. Τότε δώσε μου λίγα λεφτά γιά ψωμί.
Ὁ Γκροϊνγκ-Γκρονεστάιν σταμάτησε καί τόν κοίταξε. Κάτι στά μάτια τοῦ ἀλήτη τόν ἔκανε νά διστάσει.

— Ξέρεις, εἶπε ὁ ἀλήτης, κι ἐγώ κάποτε εἶχα σπίτι καί δουλειά. Ἀλλά ἡ ζωή εἶναι περίεργη. Σήμερα εἶσαι πάνω καί αὔριο βρίσκεσαι στό δρόμο.
— Καί τί θέλεις ἀπό μένα;
— Τίποτα. Μόνο νά μιλήσουμε λίγο.

Ὁ Γκροϊνγκ-Γκρονεστάιν ἔβγαλε τό πορτοφόλι του καί τοῦ ἔδωσε ἕνα νόμισμα. Ὁ ἀλήτης τό πῆρε καί τό κοίταξε πολλή ὥρα. Μετά γέλασε.
— Εὐχαριστῶ, κύριε. Ἀλλά τό κάνεις μόνο γιά νά ξεφορτωθεῖς ἀπό μένα.
— Μπορεῖ, εἶπε ὁ ἀντιπρόσωπος.

Ὁ περιπλάνητς ἀντιπρόσωπος τοῦ ἐμπορικοῦ καταστήματος «Ρίκκάρα», ὁ Γκροϊνγκ-Γκρονεστάιν, ἔφτασε στό λιμάνι τῆς μικρῆς πόλης μέ τό πρῶτο φῶς. Στήν ἀρχή τῆς πόλης, ἐκεῖ ὅπου ὁ δρόμος φεύγει γιά τά χωράφια, στάθηκε καί κοίταξε γύρω του. Ἡ πόλη κοιμόταν ἀκόμα. Μόνο ἕνας ἀλήτης καθόταν στό πεζούλι καί κάπνιζε.

Κι ἔφυγε πρός τό ξενοδοχεῖο. Ὁ ἀλήτης ξανακάθισε στό πεζούλι. Ὁ ἥλιος ἀνέβαινε καί ἡ πόλη ξυπνοῦσε. Ὁ Γκροϊνγκ-Γκρονεστάιν δέν μποροῦσε νά ξεχάσει τά μάτια τοῦ ἀλήτη. Ὅλη τή μέρα τόν σκεφτόταν. Τό βράδυ βγῆκε πάλι στό δρόμο γιά νά τόν βρεῖ. Ὁ ἀλήτης ἦταν ἐκεῖ.

— Ξέρεις, εἶπε ὁ ἀλήτης, κι ἐγώ κάποτε εἶχα σπίτι καί δουλειά. Ἀλλά ἡ ζωή εἶναι περίεργη. Σήμερα εἶσαι πάνω καί αὔριο βρίσκεσαι στό δρόμο.
— Καί τί θέλεις ἀπό μένα;
— Τίποτα. Μόνο νά μιλήσουμε λίγο.

— Ξέρεις, εἶπε ὁ ἀλήτης, κι ἐγώ κάποτε εἶχα σπίτι καί δουλειά. Ἀλλά ἡ ζωή εἶναι περίεργη. Σήμερα εἶσαι πάνω καί αὔριο βρίσκεσαι στό δρόμο.
— Καί τί θέλεις ἀπό μένα;
— Τίποτα. Μόνο νά μιλήσουμε λίγο.

Ὁ Γκροϊνγκ-Γκρονεστάιν ἔβγαλε τό πορτοφόλι του καί τοῦ ἔδωσε ἕνα νόμισμα. Ὁ ἀλήτης τό πῆρε καί τό κοίταξε πολλή ὥρα. Μετά γέλασε.
— Εὐχαριστῶ, κύριε. Ἀλλά τό κάνεις μόνο γιά νά ξεφορτωθεῖς ἀπό μένα.
— Μπορεῖ, εἶπε ὁ ἀντιπρόσωπος.

Κι ἔφυγε πρός τό ξενοδοχεῖο. Ὁ ἀλήτης ξανακάθισε στό πεζούλι. Ὁ ἥλιος ἀνέβαινε καί ἡ πόλη ξυπνοῦσε. Ὁ Γκροϊνγκ-Γκρονεστάιν δέν μποροῦσε νά ξεχάσει τά μάτια τοῦ ἀλήτη. Ὅλη τή μέρα τόν σκεφτόταν. Τό βράδυ βγῆκε πάλι στό δρόμο γιά νά τόν βρεῖ. Ὁ ἀλήτης ἦταν ἐκεῖ.

Ὁ περιπλάνητς ἀντιπρόσωπος τοῦ ἐμπορικοῦ καταστήματος «Ρίκκάρα», ὁ Γκροϊνγκ-Γκρονεστάιν, ἔφτασε στό λιμάνι τῆς μικρῆς πόλης μέ τό πρῶτο φῶς. Στήν ἀρχή τῆς πόλης, ἐκεῖ ὅπου ὁ δρόμος φεύγει γιά τά χωράφια, στάθηκε καί κοίταξε γύρω του. Ἡ πόλη κοιμόταν ἀκόμα. Μόνο ἕνας ἀλήτης καθόταν στό πεζούλι καί κάπνιζε.

— Μή φοβᾶσαι, εἶπε ὁ ἀλήτης. Δέν εἶμαι κλέφτης. Θέλω μόνο ἕνα τσιγάρο.
— Δέν καπνίζω, ἀπάντησε ὁ ἀντιπρόσωπος.
— Κρίμα. Τότε δώσε μου λίγα λεφτά γιά ψωμί.
Ὁ Γκροϊνγκ-Γκρονεστάιν σταμάτησε καί τόν κοίταξε. Κάτι στά μάτια τοῦ ἀλήτη τόν ἔκανε νά διστάσει.

Ὁ ἀλήτης τόν κοίταξε μέ περιέργεια. Φοροῦσε ἕνα τριμμένο σακάκι καί τά παπούτσια του ἦταν τρύπια. Τό πρόσωπό του ἦταν μαυρισμένο ἀπό τόν ἥλιο. Σηκώθηκε ἀργά καί πλησίασε. Ὁ Γκροϊνγκ-Γκρονεστάιν ἔκανε πώς δέν τόν βλέπει καί ἄρχισε νά περπατάει γρήγορα πρός τό ξενοδοχεῖο.

Ὁ Γκροϊνγκ-Γκρονεστάιν ἔβγαλε τό πορτοφόλι του καί τοῦ ἔδωσε ἕνα νόμισμα. Ὁ ἀλήτης τό πῆρε καί τό κοίταξε πολλή ὥρα. Μετά γέλασε.
— Εὐχαριστῶ, κύριε. Ἀλλά τό κάνεις μόνο γιά νά ξεφορτωθεῖς ἀπό μένα.
— Μπορεῖ, εἶπε ὁ ἀντιπρόσωπος.

Κι ἔφυγε πρός τό ξενοδοχεῖο. Ὁ ἀλήτης ξανακάθισε στό πεζούλι. Ὁ ἥλιος ἀνέβαινε καί ἡ πόλη ξυπνοῦσε. Ὁ Γκροϊνγκ-Γκρονεστάιν δέν μποροῦσε νά ξεχάσει τά μάτια τοῦ ἀλήτη. Ὅλη τή μέρα τόν σκεφτόταν. Τό βράδυ βγῆκε πάλι στό δρόμο γιά νά τόν βρεῖ. Ὁ ἀλήτης ἦταν ἐκεῖ.

Ὁ Γκροϊνγκ-Γκρονεστάιν ἔβγαλε τό πορτοφόλι του καί τοῦ ἔδωσε ἕνα νόμισμα. Ὁ ἀλήτης τό πῆρε καί τό κοίταξε πολλή ὥρα. Μετά γέλασε.
— Εὐχαριστῶ, κύριε. Ἀλλά τό κάνεις μόνο γιά νά ξεφορτωθεῖς ἀπό μένα.
— Μπορεῖ, εἶπε ὁ ἀντιπρόσωπος.

Ὁ ἀλήτης τόν κοίταξε μέ περιέργεια. Φοροῦσε ἕνα τριμμένο σακάκι καί τά παπούτσια του ἦταν τρύπια. Τό πρόσωπό του ἦταν μαυρισμένο ἀπό τόν ἥλιο. Σηκώθηκε ἀργά καί πλησίασε. Ὁ Γκροϊνγκ-Γκρονεστάιν ἔκανε πώς δέν τόν βλέπει καί ἄρχισε νά περπατάει γρήγορα πρός τό ξενοδοχεῖο.

— Ξέρεις, εἶπε ὁ ἀλήτης, κι ἐγώ κάποτε εἶχα σπίτι καί δουλειά. Ἀλλά ἡ ζωή εἶναι περίεργη. Σήμερα εἶσαι πάνω καί αὔριο βρίσκεσαι στό δρόμο.
— Καί τί θέλεις ἀπό μένα;
— Τίποτα. Μόνο νά μιλήσουμε λίγο.

Ὁ περιπλάνητς ἀντιπρόσωπος τοῦ ἐμπορικοῦ καταστήματος «Ρίκκάρα», ὁ Γκροϊνγκ-Γκρονεστάιν, ἔφτασε στό λιμάνι τῆς μικρῆς πόλης μέ τό πρῶτο φῶς. Στήν ἀρχή τῆς πόλης, ἐκεῖ ὅπου ὁ δρόμος φεύγει γιά τά χωράφια, στάθηκε καί κοίταξε γύρω του. Ἡ πόλη κοιμόταν ἀκόμα. Μόνο ἕνας ἀλήτης καθόταν στό πεζούλι καί κάπνιζε.

— Μή φοβᾶσαι, εἶπε ὁ ἀλήτης. Δέν εἶμαι κλέφτης. Θέλω μόνο ἕνα τσιγάρο.
— Δέν καπνίζω, ἀπάντησε ὁ ἀντιπρόσωπος.
— Κρίμα. Τότε δώσε μου λίγα λεφτά γιά ψωμί.
Ὁ Γκροϊνγκ-Γκρονεστάιν σταμάτησε καί τόν κοίταξε. Κάτι στά μάτια τοῦ ἀλήτη τόν ἔκανε νά διστάσει.

Κι ἔφυγε πρός τό ξενοδοχεῖο. Ὁ ἀλήτης ξανακάθισε στό πεζούλι. Ὁ ἥλιος ἀνέβαινε καί ἡ πόλη ξυπνοῦσε. Ὁ Γκροϊνγκ-Γκρονεστάιν δέν μποροῦσε νά ξεχάσει τά μάτια τοῦ ἀλήτη. Ὅλη τή μέρα τόν σκεφτόταν. Τό βράδυ βγῆκε πάλι στό δρόμο γιά νά τόν βρεῖ. Ὁ ἀλήτης ἦταν ἐκεῖ.
